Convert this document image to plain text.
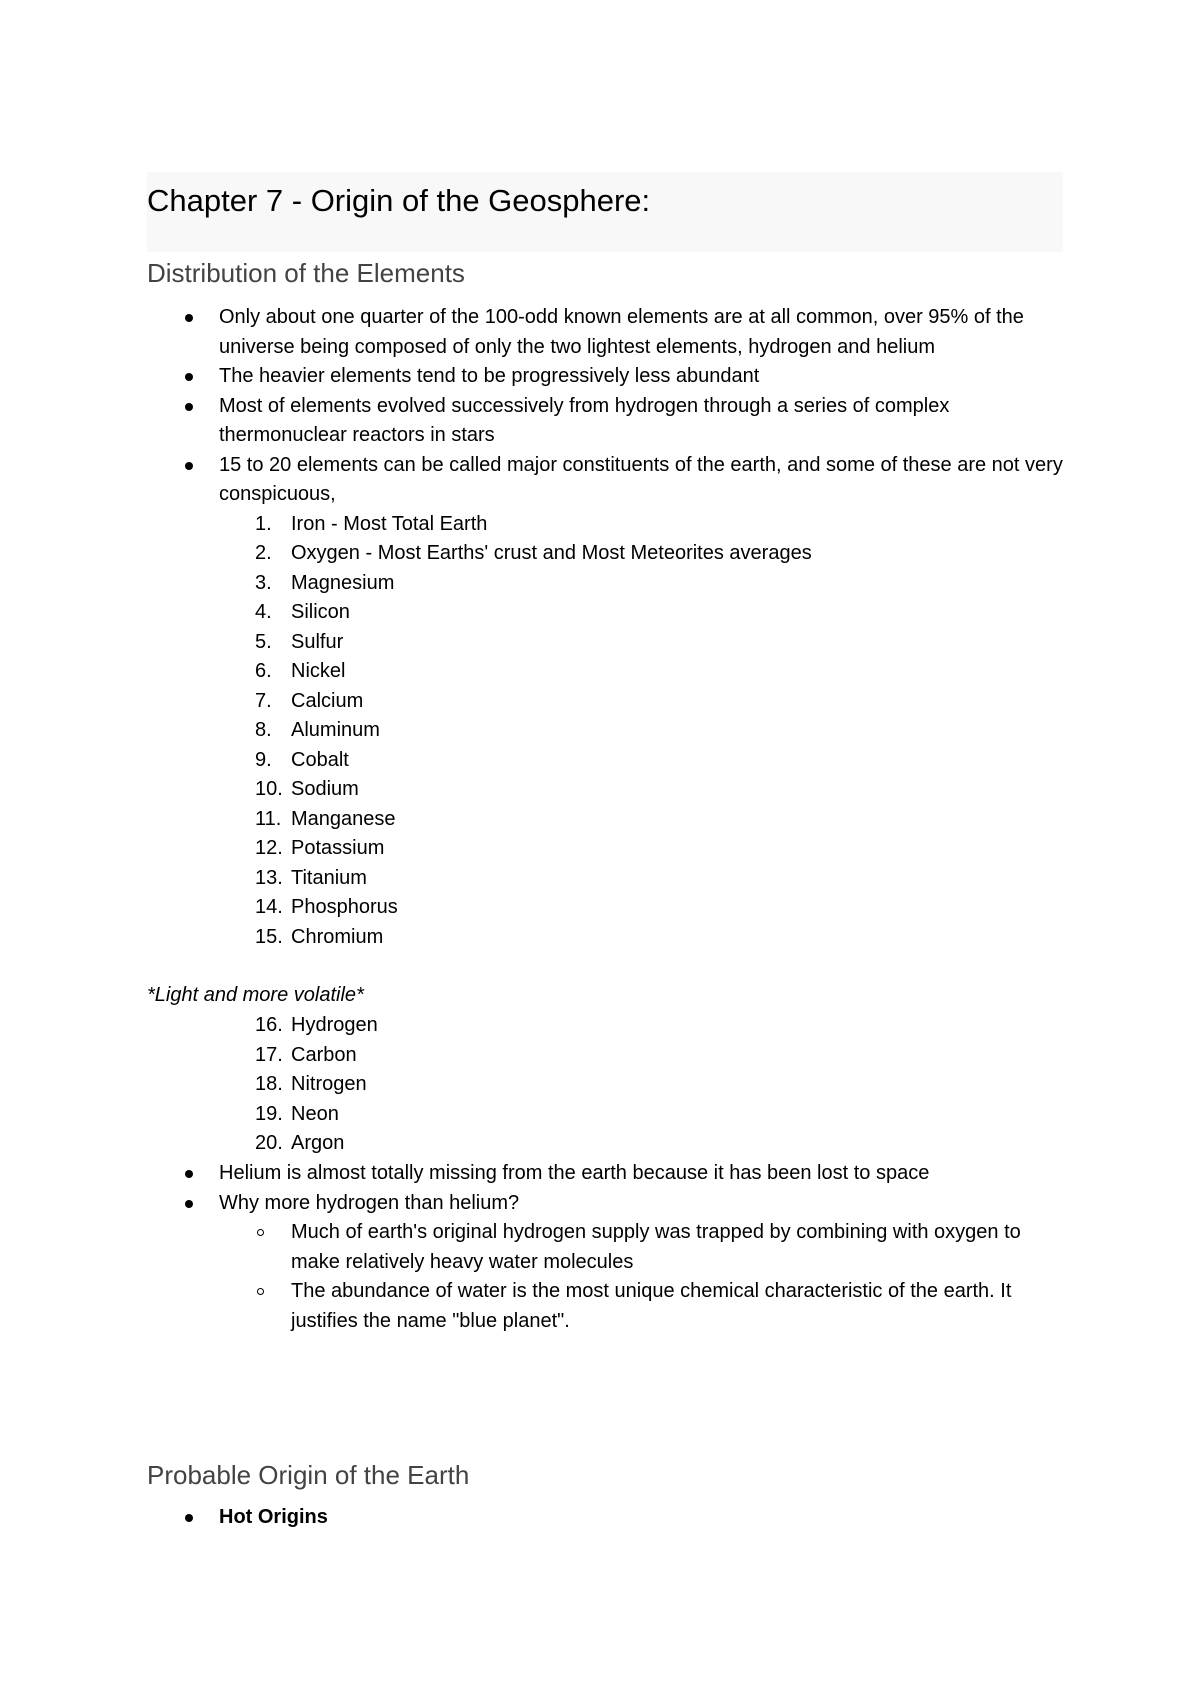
Chapter 7 - Origin of the Geosphere:
Distribution of the Elements
Only about one quarter of the 100-odd known elements are at all common, over 95% of the universe being composed of only the two lightest elements, hydrogen and helium
The heavier elements tend to be progressively less abundant
Most of elements evolved successively from hydrogen through a series of complex thermonuclear reactors in stars
15 to 20 elements can be called major constituents of the earth, and some of these are not very conspicuous,
1. Iron - Most Total Earth
2. Oxygen - Most Earths' crust and Most Meteorites averages
3. Magnesium
4. Silicon
5. Sulfur
6. Nickel
7. Calcium
8. Aluminum
9. Cobalt
10. Sodium
11. Manganese
12. Potassium
13. Titanium
14. Phosphorus
15. Chromium
*Light and more volatile*
16. Hydrogen
17. Carbon
18. Nitrogen
19. Neon
20. Argon
Helium is almost totally missing from the earth because it has been lost to space
Why more hydrogen than helium?
Much of earth's original hydrogen supply was trapped by combining with oxygen to make relatively heavy water molecules
The abundance of water is the most unique chemical characteristic of the earth. It justifies the name "blue planet".
Probable Origin of the Earth
Hot Origins
